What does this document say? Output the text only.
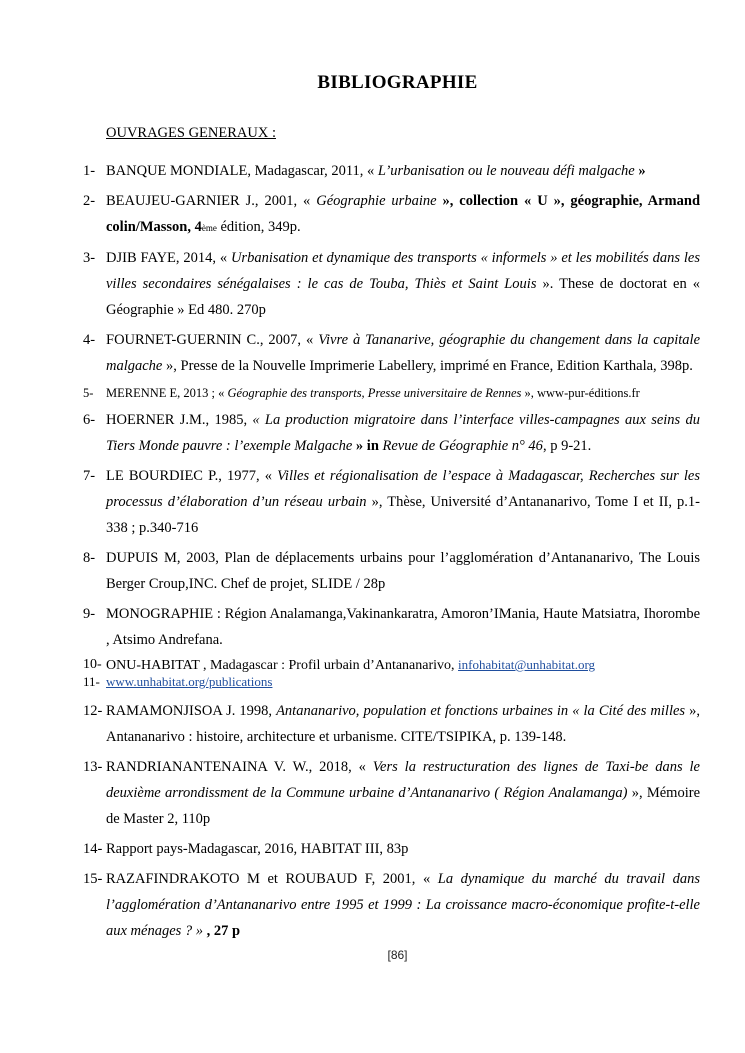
BIBLIOGRAPHIE
OUVRAGES GENERAUX :
1- BANQUE MONDIALE, Madagascar, 2011, « L’urbanisation ou le nouveau défi malgache »
2- BEAUJEU-GARNIER J., 2001, « Géographie urbaine », collection « U », géographie, Armand colin/Masson, 4ème édition, 349p.
3- DJIB FAYE, 2014, « Urbanisation et dynamique des transports « informels » et les mobilités dans les villes secondaires sénégalaises : le cas de Touba, Thiès et Saint Louis ». These de doctorat en « Géographie » Ed 480. 270p
4- FOURNET-GUERNIN C., 2007, « Vivre à Tananarive, géographie du changement dans la capitale malgache », Presse de la Nouvelle Imprimerie Labellery, imprimé en France, Edition Karthala, 398p.
5- MERENNE E, 2013 ; « Géographie des transports, Presse universitaire de Rennes », www-pur-éditions.fr
6- HOERNER J.M., 1985, « La production migratoire dans l’interface villes-campagnes aux seins du Tiers Monde pauvre : l’exemple Malgache » in Revue de Géographie n° 46, p 9-21.
7- LE BOURDIEC P., 1977, « Villes et régionalisation de l’espace à Madagascar, Recherches sur les processus d’élaboration d’un réseau urbain », Thèse, Université d’Antananarivo, Tome I et II, p.1-338 ; p.340-716
8- DUPUIS M, 2003, Plan de déplacements urbains pour l’agglomération d’Antananarivo, The Louis Berger Croup,INC. Chef de projet, SLIDE / 28p
9- MONOGRAPHIE : Région Analamanga,Vakinankaratra, Amoron’IMania, Haute Matsiatra, Ihorombe , Atsimo Andrefana.
10- ONU-HABITAT , Madagascar : Profil urbain d’Antananarivo, infohabitat@unhabitat.org
11- www.unhabitat.org/publications
12- RAMAMONJISOA J. 1998, Antananarivo, population et fonctions urbaines in « la Cité des milles », Antananarivo : histoire, architecture et urbanisme. CITE/TSIPIKA, p. 139-148.
13- RANDRIANANTENAINA V. W., 2018, « Vers la restructuration des lignes de Taxi-be dans le deuxième arrondissment de la Commune urbaine d’Antananarivo ( Région Analamanga) », Mémoire de Master 2, 110p
14- Rapport pays-Madagascar, 2016, HABITAT III, 83p
15- RAZAFINDRAKOTO M et ROUBAUD F, 2001, « La dynamique du marché du travail dans l’agglomération d’Antananarivo entre 1995 et 1999 : La croissance macro-économique profite-t-elle aux ménages ? » , 27 p
[86]
